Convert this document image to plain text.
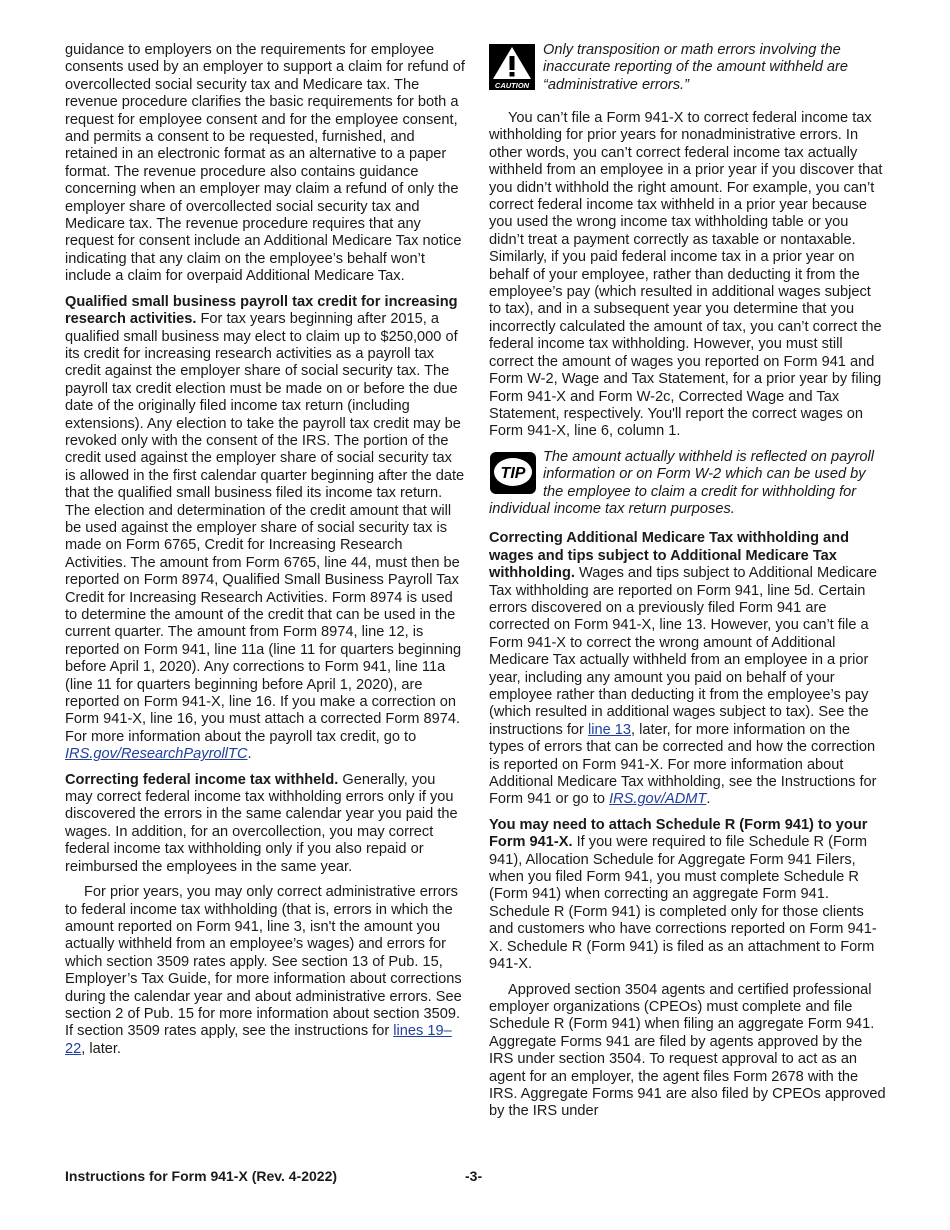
guidance to employers on the requirements for employee consents used by an employer to support a claim for refund of overcollected social security tax and Medicare tax. The revenue procedure clarifies the basic requirements for both a request for employee consent and for the employee consent, and permits a consent to be requested, furnished, and retained in an electronic format as an alternative to a paper format. The revenue procedure also contains guidance concerning when an employer may claim a refund of only the employer share of overcollected social security tax and Medicare tax. The revenue procedure requires that any request for consent include an Additional Medicare Tax notice indicating that any claim on the employee’s behalf won’t include a claim for overpaid Additional Medicare Tax.

Qualified small business payroll tax credit for increasing research activities. For tax years beginning after 2015, a qualified small business may elect to claim up to $250,000 of its credit for increasing research activities as a payroll tax credit against the employer share of social security tax. The payroll tax credit election must be made on or before the due date of the originally filed income tax return (including extensions). Any election to take the payroll tax credit may be revoked only with the consent of the IRS. The portion of the credit used against the employer share of social security tax is allowed in the first calendar quarter beginning after the date that the qualified small business filed its income tax return. The election and determination of the credit amount that will be used against the employer share of social security tax is made on Form 6765, Credit for Increasing Research Activities. The amount from Form 6765, line 44, must then be reported on Form 8974, Qualified Small Business Payroll Tax Credit for Increasing Research Activities. Form 8974 is used to determine the amount of the credit that can be used in the current quarter. The amount from Form 8974, line 12, is reported on Form 941, line 11a (line 11 for quarters beginning before April 1, 2020). Any corrections to Form 941, line 11a (line 11 for quarters beginning before April 1, 2020), are reported on Form 941-X, line 16. If you make a correction on Form 941-X, line 16, you must attach a corrected Form 8974. For more information about the payroll tax credit, go to IRS.gov/ResearchPayrollTC.

Correcting federal income tax withheld. Generally, you may correct federal income tax withholding errors only if you discovered the errors in the same calendar year you paid the wages. In addition, for an overcollection, you may correct federal income tax withholding only if you also repaid or reimbursed the employees in the same year.

For prior years, you may only correct administrative errors to federal income tax withholding (that is, errors in which the amount reported on Form 941, line 3, isn't the amount you actually withheld from an employee’s wages) and errors for which section 3509 rates apply. See section 13 of Pub. 15, Employer’s Tax Guide, for more information about corrections during the calendar year and about administrative errors. See section 2 of Pub. 15 for more information about section 3509. If section 3509 rates apply, see the instructions for lines 19–22, later.

CAUTION
Only transposition or math errors involving the inaccurate reporting of the amount withheld are “administrative errors.”

You can’t file a Form 941-X to correct federal income tax withholding for prior years for nonadministrative errors. In other words, you can’t correct federal income tax actually withheld from an employee in a prior year if you discover that you didn’t withhold the right amount. For example, you can’t correct federal income tax withheld in a prior year because you used the wrong income tax withholding table or you didn’t treat a payment correctly as taxable or nontaxable. Similarly, if you paid federal income tax in a prior year on behalf of your employee, rather than deducting it from the employee’s pay (which resulted in additional wages subject to tax), and in a subsequent year you determine that you incorrectly calculated the amount of tax, you can’t correct the federal income tax withholding. However, you must still correct the amount of wages you reported on Form 941 and Form W-2, Wage and Tax Statement, for a prior year by filing Form 941-X and Form W-2c, Corrected Wage and Tax Statement, respectively. You'll report the correct wages on Form 941-X, line 6, column 1.

TIP
The amount actually withheld is reflected on payroll information or on Form W-2 which can be used by the employee to claim a credit for withholding for individual income tax return purposes.

Correcting Additional Medicare Tax withholding and wages and tips subject to Additional Medicare Tax withholding. Wages and tips subject to Additional Medicare Tax withholding are reported on Form 941, line 5d. Certain errors discovered on a previously filed Form 941 are corrected on Form 941-X, line 13. However, you can’t file a Form 941-X to correct the wrong amount of Additional Medicare Tax actually withheld from an employee in a prior year, including any amount you paid on behalf of your employee rather than deducting it from the employee’s pay (which resulted in additional wages subject to tax). See the instructions for line 13, later, for more information on the types of errors that can be corrected and how the correction is reported on Form 941-X. For more information about Additional Medicare Tax withholding, see the Instructions for Form 941 or go to IRS.gov/ADMT.

You may need to attach Schedule R (Form 941) to your Form 941-X. If you were required to file Schedule R (Form 941), Allocation Schedule for Aggregate Form 941 Filers, when you filed Form 941, you must complete Schedule R (Form 941) when correcting an aggregate Form 941. Schedule R (Form 941) is completed only for those clients and customers who have corrections reported on Form 941-X. Schedule R (Form 941) is filed as an attachment to Form 941-X.

Approved section 3504 agents and certified professional employer organizations (CPEOs) must complete and file Schedule R (Form 941) when filing an aggregate Form 941. Aggregate Forms 941 are filed by agents approved by the IRS under section 3504. To request approval to act as an agent for an employer, the agent files Form 2678 with the IRS. Aggregate Forms 941 are also filed by CPEOs approved by the IRS under

Instructions for Form 941-X (Rev. 4-2022)	-3-
